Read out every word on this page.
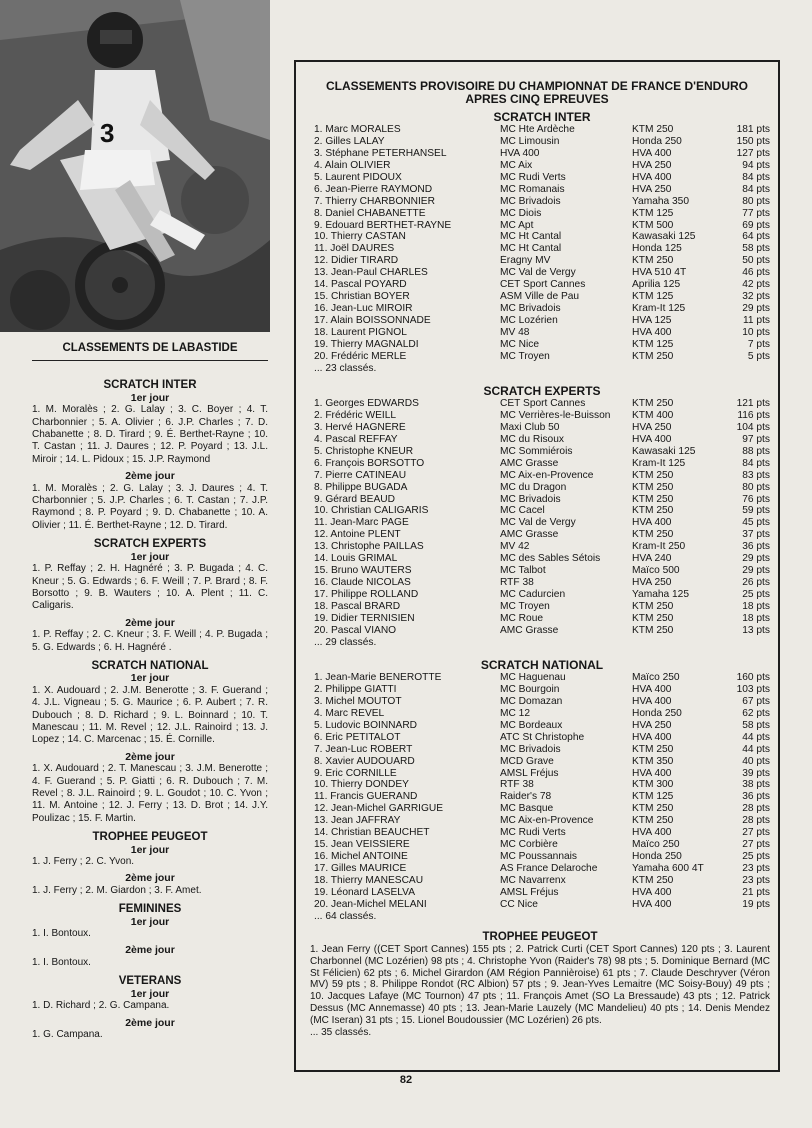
3
CLASSEMENTS DE LABASTIDE
SCRATCH INTER
1er jour

1. M. Moralès ; 2. G. Lalay ; 3. C. Boyer ; 4. T. Charbonnier ; 5. A. Olivier ; 6. J.P. Charles ; 7. D. Chabanette ; 8. D. Tirard ; 9. É. Berthet-Rayne ; 10. T. Castan ; 11. J. Daures ; 12. P. Poyard ; 13. J.L. Miroir ; 14. L. Pidoux ; 15. J.P. Raymond

2ème jour

1. M. Moralès ; 2. G. Lalay ; 3. J. Daures ; 4. T. Charbonnier ; 5. J.P. Charles ; 6. T. Castan ; 7. J.P. Raymond ; 8. P. Poyard ; 9. D. Chabanette ; 10. A. Olivier ; 11. É. Berthet-Rayne ; 12. D. Tirard.

SCRATCH EXPERTS
1er jour

1. P. Reffay ; 2. H. Hagnéré ; 3. P. Bugada ; 4. C. Kneur ; 5. G. Edwards ; 6. F. Weill ; 7. P. Brard ; 8. F. Borsotto ; 9. B. Wauters ; 10. A. Plent ; 11. C. Caligaris.

2ème jour

1. P. Reffay ; 2. C. Kneur ; 3. F. Weill ; 4. P. Bugada ; 5. G. Edwards ; 6. H. Hagnéré .

SCRATCH NATIONAL
1er jour

1. X. Audouard ; 2. J.M. Benerotte ; 3. F. Guerand ; 4. J.L. Vigneau ; 5. G. Maurice ; 6. P. Aubert ; 7. R. Dubouch ; 8. D. Richard ; 9. L. Boinnard ; 10. T. Manescau ; 11. M. Revel ; 12. J.L. Rainoird ; 13. J. Lopez ; 14. C. Marcenac ; 15. É. Cornille.

2ème jour

1. X. Audouard ; 2. T. Manescau ; 3. J.M. Benerotte ; 4. F. Guerand ; 5. P. Giatti ; 6. R. Dubouch ; 7. M. Revel ; 8. J.L. Rainoird ; 9. L. Goudot ; 10. C. Yvon ; 11. M. Antoine ; 12. J. Ferry ; 13. D. Brot ; 14. J.Y. Poulizac ; 15. F. Martin.

TROPHEE PEUGEOT
1er jour

1. J. Ferry ; 2. C. Yvon.

2ème jour

1. J. Ferry ; 2. M. Giardon ; 3. F. Amet.

FEMININES
1er jour

1. I. Bontoux.

2ème jour

1. I. Bontoux.

VETERANS
1er jour

1. D. Richard ; 2. G. Campana.

2ème jour

1. G. Campana.

CLASSEMENTS PROVISOIRE DU CHAMPIONNAT DE FRANCE D'ENDURO
APRES CINQ EPREUVES
SCRATCH INTER
1. Marc MORALES	MC Hte Ardèche	KTM 250	181 pts
2. Gilles LALAY	MC Limousin	Honda 250	150 pts
3. Stéphane PETERHANSEL	HVA 400	HVA 400	127 pts
4. Alain OLIVIER	MC Aix	HVA 250	94 pts
5. Laurent PIDOUX	MC Rudi Verts	HVA 400	84 pts
6. Jean-Pierre RAYMOND	MC Romanais	HVA 250	84 pts
7. Thierry CHARBONNIER	MC Brivadois	Yamaha 350	80 pts
8. Daniel CHABANETTE	MC Diois	KTM 125	77 pts
9. Édouard BERTHET-RAYNE	MC Apt	KTM 500	69 pts
10. Thierry CASTAN	MC Ht Cantal	Kawasaki 125	64 pts
11. Joël DAURES	MC Ht Cantal	Honda 125	58 pts
12. Didier TIRARD	Éragny MV	KTM 250	50 pts
13. Jean-Paul CHARLES	MC Val de Vergy	HVA 510 4T	46 pts
14. Pascal POYARD	CET Sport Cannes	Aprilia 125	42 pts
15. Christian BOYER	ASM Ville de Pau	KTM 125	32 pts
16. Jean-Luc MIROIR	MC Brivadois	Kram-It 125	29 pts
17. Alain BOISSONNADE	MC Lozérien	HVA 125	11 pts
18. Laurent PIGNOL	MV 48	HVA 400	10 pts
19. Thierry MAGNALDI	MC Nice	KTM 125	7 pts
20. Frédéric MERLE	MC Troyen	KTM 250	5 pts
... 23 classés.
SCRATCH EXPERTS
1. Georges EDWARDS	CET Sport Cannes	KTM 250	121 pts
2. Frédéric WEILL	MC Verrières-le-Buisson	KTM 400	116 pts
3. Hervé HAGNÉRÉ	Maxi Club 50	HVA 250	104 pts
4. Pascal REFFAY	MC du Risoux	HVA 400	97 pts
5. Christophe KNEUR	MC Sommiérois	Kawasaki 125	88 pts
6. François BORSOTTO	AMC Grasse	Kram-It 125	84 pts
7. Pierre CATINEAU	MC Aix-en-Provence	KTM 250	83 pts
8. Philippe BUGADA	MC du Dragon	KTM 250	80 pts
9. Gérard BEAUD	MC Brivadois	KTM 250	76 pts
10. Christian CALIGARIS	MC Cacel	KTM 250	59 pts
11. Jean-Marc PAGE	MC Val de Vergy	HVA 400	45 pts
12. Antoine PLENT	AMC Grasse	KTM 250	37 pts
13. Christophe PAILLAS	MV 42	Kram-It 250	36 pts
14. Louis GRIMAL	MC des Sables Sétois	HVA 240	29 pts
15. Bruno WAUTERS	MC Talbot	Maïco 500	29 pts
16. Claude NICOLAS	RTF 38	HVA 250	26 pts
17. Philippe ROLLAND	MC Cadurcien	Yamaha 125	25 pts
18. Pascal BRARD	MC Troyen	KTM 250	18 pts
19. Didier TERNISIEN	MC Roue	KTM 250	18 pts
20. Pascal VIANO	AMC Grasse	KTM 250	13 pts
... 29 classés.
SCRATCH NATIONAL
1. Jean-Marie BENEROTTE	MC Haguenau	Maïco 250	160 pts
2. Philippe GIATTI	MC Bourgoin	HVA 400	103 pts
3. Michel MOUTOT	MC Domazan	HVA 400	67 pts
4. Marc REVEL	MC 12	Honda 250	62 pts
5. Ludovic BOINNARD	MC Bordeaux	HVA 250	58 pts
6. Éric PETITALOT	ATC St Christophe	HVA 400	44 pts
7. Jean-Luc ROBERT	MC Brivadois	KTM 250	44 pts
8. Xavier AUDOUARD	MCD Grave	KTM 350	40 pts
9. Éric CORNILLE	AMSL Fréjus	HVA 400	39 pts
10. Thierry DONDEY	RTF 38	KTM 300	38 pts
11. Francis GUERAND	Raider's 78	KTM 125	36 pts
12. Jean-Michel GARRIGUE	MC Basque	KTM 250	28 pts
13. Jean JAFFRAY	MC Aix-en-Provence	KTM 250	28 pts
14. Christian BEAUCHET	MC Rudi Verts	HVA 400	27 pts
15. Jean VEISSIERE	MC Corbière	Maïco 250	27 pts
16. Michel ANTOINE	MC Poussannais	Honda 250	25 pts
17. Gilles MAURICE	AS France Delaroche	Yamaha 600 4T	23 pts
18. Thierry MANESCAU	MC Navarrenx	KTM 250	23 pts
19. Léonard LASELVA	AMSL Fréjus	HVA 400	21 pts
20. Jean-Michel MÉLANI	CC Nice	HVA 400	19 pts
... 64 classés.
TROPHEE PEUGEOT

1. Jean Ferry ((CET Sport Cannes) 155 pts ; 2. Patrick Curti (CET Sport Cannes) 120 pts ; 3. Laurent Charbonnel (MC Lozérien) 98 pts ; 4. Christophe Yvon (Raider's 78) 98 pts ; 5. Dominique Bernard (MC St Félicien) 62 pts ; 6. Michel Girardon (AM Région Pannièroise) 61 pts ; 7. Claude Deschryver (Véron MV) 59 pts ; 8. Philippe Rondot (RC Albion) 57 pts ; 9. Jean-Yves Lemaitre (MC Soisy-Bouy) 49 pts ; 10. Jacques Lafaye (MC Tournon) 47 pts ; 11. François Amet (SO La Bressaude) 43 pts ; 12. Patrick Dessus (MC Annemasse) 40 pts ; 13. Jean-Marie Lauzely (MC Mandelieu) 40 pts ; 14. Denis Mendez (MC Iseran) 31 pts ; 15. Lionel Boudoussier (MC Lozérien) 26 pts.

... 35 classés.
82
